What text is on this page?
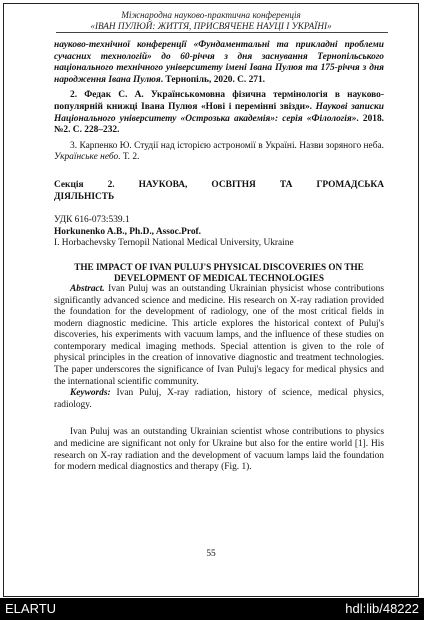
Міжнародна науково-практична конференція
«ІВАН ПУЛЮЙ: ЖИТТЯ, ПРИСВЯЧЕНЕ НАУЦІ І УКРАЇНІ»

науково-технічної конференції «Фундаментальні та прикладні проблеми сучасних технологій» до 60-річчя з дня заснування Тернопільського національного технічного університету імені Івана Пулюя та 175-річчя з дня народження Івана Пулюя. Тернопіль, 2020. С. 271.

2. Федак С. А. Українськомовна фізична термінологія в науково-популярній книжці Івана Пулюя «Нові і перемінні звізди». Наукові записки Національного університету «Острозька академія»: серія «Філологія». 2018. №2. С. 228–232.

3. Карпенко Ю. Студії над історією астрономії в Україні. Назви зоряного неба. Українське небо. Т. 2.

Секція 2. НАУКОВА, ОСВІТНЯ ТА ГРОМАДСЬКА

ДІЯЛЬНІСТЬ

УДК 616-073:539.1

Horkunenko A.B., Ph.D., Assoc.Prof.

I. Horbachevsky Ternopil National Medical University, Ukraine

THE IMPACT OF IVAN PULUJ'S PHYSICAL DISCOVERIES ON THE
DEVELOPMENT OF MEDICAL TECHNOLOGIES

Abstract. Ivan Puluj was an outstanding Ukrainian physicist whose contributions significantly advanced science and medicine. His research on X-ray radiation provided the foundation for the development of radiology, one of the most critical fields in modern diagnostic medicine. This article explores the historical context of Puluj's discoveries, his experiments with vacuum lamps, and the influence of these studies on contemporary medical imaging methods. Special attention is given to the role of physical principles in the creation of innovative diagnostic and treatment technologies. The paper underscores the significance of Ivan Puluj's legacy for medical physics and the international scientific community.

Keywords: Ivan Puluj, X-ray radiation, history of science, medical physics, radiology.

Ivan Puluj was an outstanding Ukrainian scientist whose contributions to physics and medicine are significant not only for Ukraine but also for the entire world [1]. His research on X-ray radiation and the development of vacuum lamps laid the foundation for modern medical diagnostics and therapy (Fig. 1).

55
ELARTU	hdl:lib/48222
